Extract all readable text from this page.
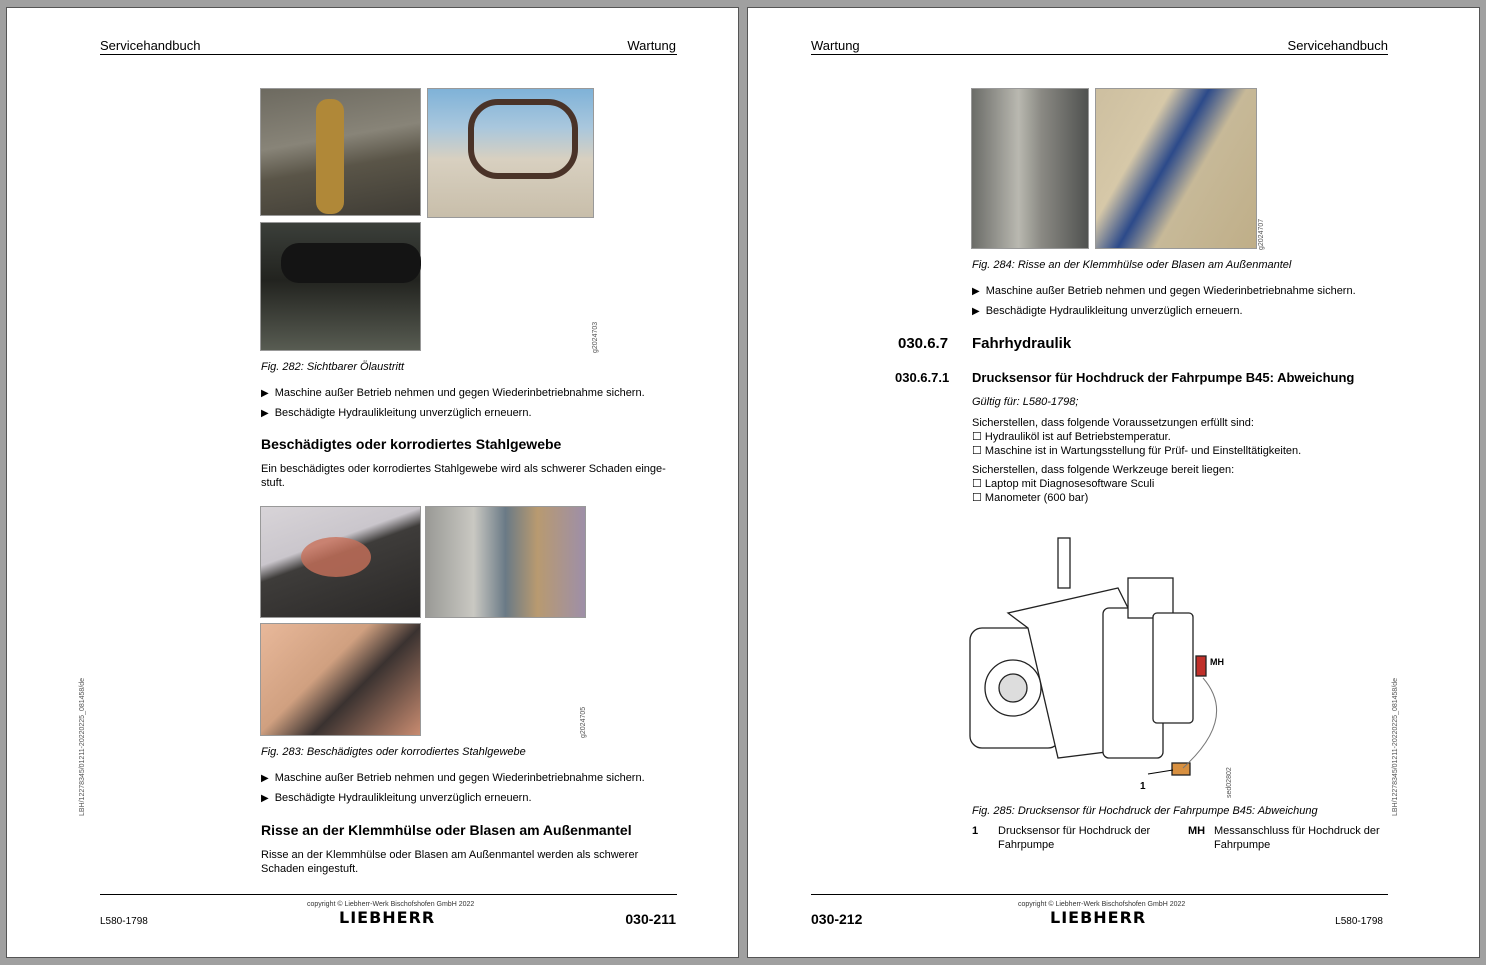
Servicehandbuch	Wartung
g2024703
Fig. 282: Sichtbarer Ölaustritt
▶ Maschine außer Betrieb nehmen und gegen Wiederinbetriebnahme sichern.
▶ Beschädigte Hydraulikleitung unverzüglich erneuern.
Beschädigtes oder korrodiertes Stahlgewebe
Ein beschädigtes oder korrodiertes Stahlgewebe wird als schwerer Schaden einge-
stuft.
g2024705
Fig. 283: Beschädigtes oder korrodiertes Stahlgewebe
▶ Maschine außer Betrieb nehmen und gegen Wiederinbetriebnahme sichern.
▶ Beschädigte Hydraulikleitung unverzüglich erneuern.
Risse an der Klemmhülse oder Blasen am Außenmantel
Risse an der Klemmhülse oder Blasen am Außenmantel werden als schwerer
Schaden eingestuft.
LBH/12278345/01211-20220225_081458/de
copyright © Liebherr-Werk Bischofshofen GmbH 2022
LIEBHERR
L580-1798	030-211
Wartung	Servicehandbuch
g2024707
Fig. 284: Risse an der Klemmhülse oder Blasen am Außenmantel
▶ Maschine außer Betrieb nehmen und gegen Wiederinbetriebnahme sichern.
▶ Beschädigte Hydraulikleitung unverzüglich erneuern.
030.6.7 Fahrhydraulik
030.6.7.1 Drucksensor für Hochdruck der Fahrpumpe B45: Abweichung
Gültig für: L580-1798;
Sicherstellen, dass folgende Voraussetzungen erfüllt sind:
☐ Hydrauliköl ist auf Betriebstemperatur.
☐ Maschine ist in Wartungsstellung für Prüf- und Einstelltätigkeiten.
Sicherstellen, dass folgende Werkzeuge bereit liegen:
☐ Laptop mit Diagnosesoftware Sculi
☐ Manometer (600 bar)
1
MH
sed02802
Fig. 285: Drucksensor für Hochdruck der Fahrpumpe B45: Abweichung
1 Drucksensor für Hochdruck der
Fahrpumpe
MH Messanschluss für Hochdruck der
Fahrpumpe
LBH/12278345/01211-20220225_081458/de
copyright © Liebherr-Werk Bischofshofen GmbH 2022
LIEBHERR
030-212	L580-1798
